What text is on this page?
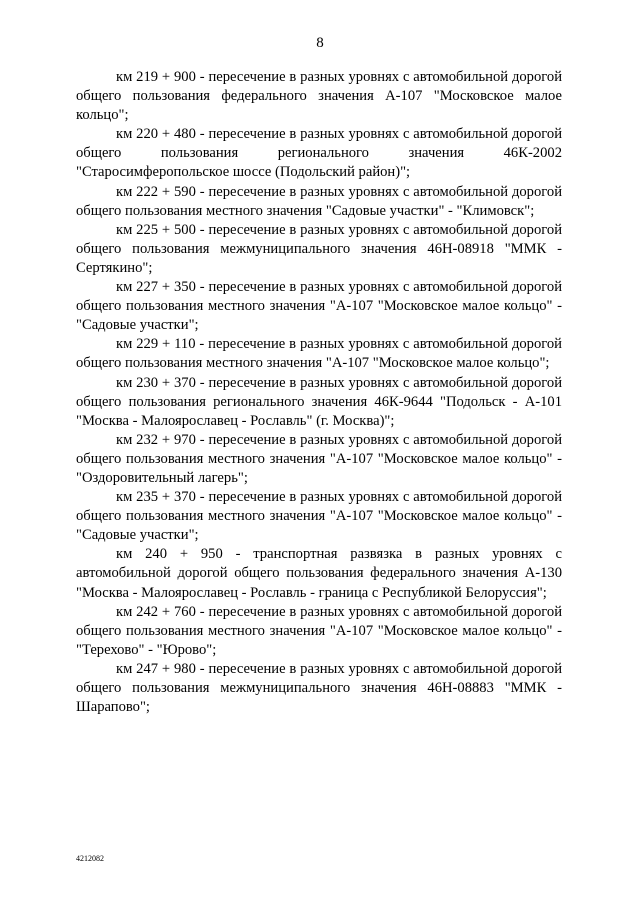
8

км 219 + 900 - пересечение в разных уровнях с автомобильной дорогой общего пользования федерального значения А-107 "Московское малое кольцо";

км 220 + 480 - пересечение в разных уровнях с автомобильной дорогой общего пользования регионального значения 46К-2002 "Старосимферопольское шоссе (Подольский район)";

км 222 + 590 - пересечение в разных уровнях с автомобильной дорогой общего пользования местного значения "Садовые участки" - "Климовск";

км 225 + 500 - пересечение в разных уровнях с автомобильной дорогой общего пользования межмуниципального значения 46Н-08918 "ММК - Сертякино";

км 227 + 350 - пересечение в разных уровнях с автомобильной дорогой общего пользования местного значения "А-107 "Московское малое кольцо" - "Садовые участки";

км 229 + 110 - пересечение в разных уровнях с автомобильной дорогой общего пользования местного значения "А-107 "Московское малое кольцо";

км 230 + 370 - пересечение в разных уровнях с автомобильной дорогой общего пользования регионального значения 46К-9644 "Подольск - А-101 "Москва - Малоярославец - Рославль" (г. Москва)";

км 232 + 970 - пересечение в разных уровнях с автомобильной дорогой общего пользования местного значения "А-107 "Московское малое кольцо" - "Оздоровительный лагерь";

км 235 + 370 - пересечение в разных уровнях с автомобильной дорогой общего пользования местного значения "А-107 "Московское малое кольцо" - "Садовые участки";

км 240 + 950 - транспортная развязка в разных уровнях с автомобильной дорогой общего пользования федерального значения А-130 "Москва - Малоярославец - Рославль - граница с Республикой Белоруссия";

км 242 + 760 - пересечение в разных уровнях с автомобильной дорогой общего пользования местного значения "А-107 "Московское малое кольцо" - "Терехово" - "Юрово";

км 247 + 980 - пересечение в разных уровнях с автомобильной дорогой общего пользования межмуниципального значения 46Н-08883 "ММК - Шарапово";

4212082
